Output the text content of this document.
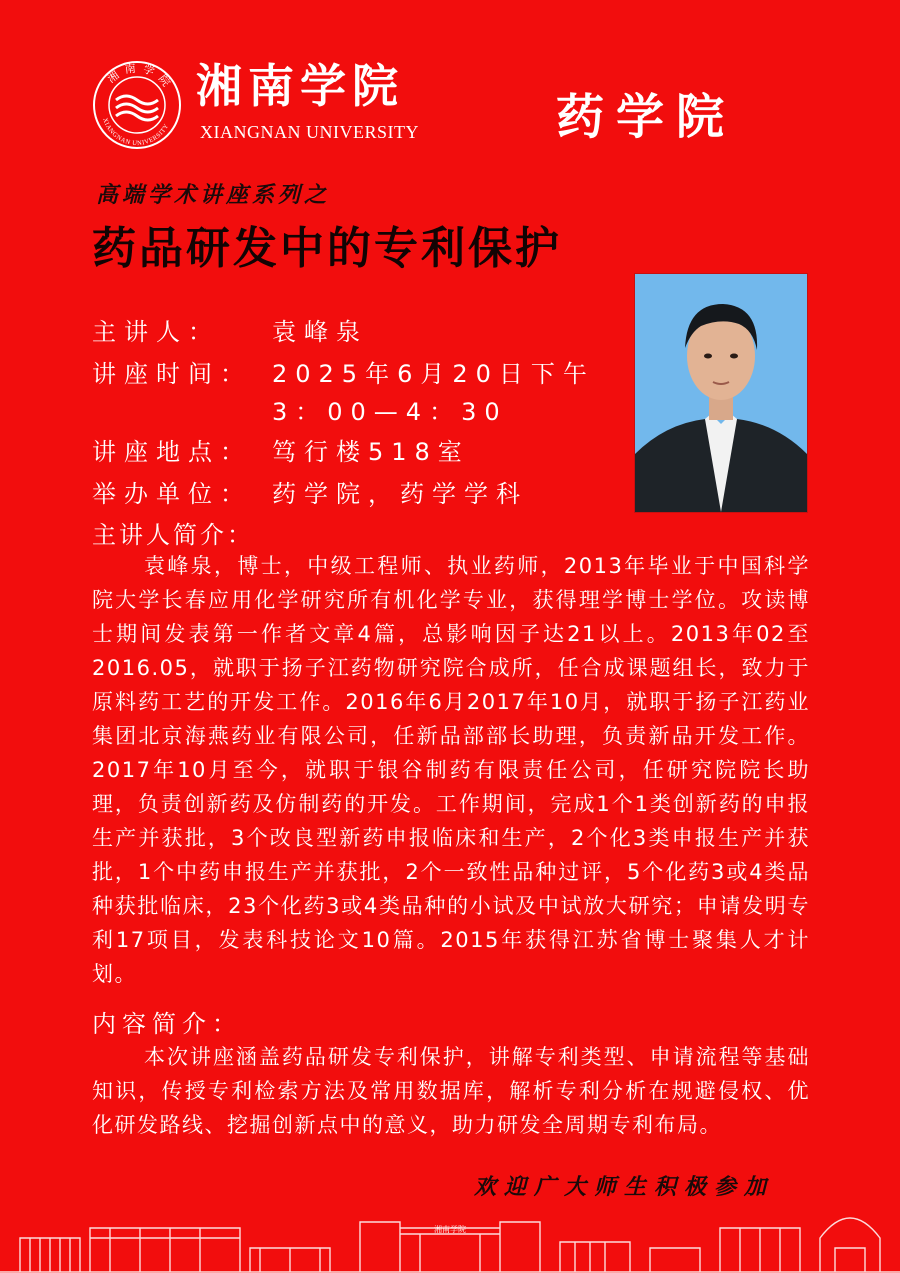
湘南学院
XIANGNAN UNIVERSITY
湘南学院
XIANGNAN UNIVERSITY	药学院
高端学术讲座系列之
药品研发中的专利保护
主讲人： 袁峰泉
讲座时间： 2025年6月20日下午
3：00—4：30
讲座地点： 笃行楼518室
举办单位： 药学院，药学学科
主讲人简介：
袁峰泉，博士，中级工程师、执业药师，2013年毕业于中国科学院大学长春应用化学研究所有机化学专业，获得理学博士学位。攻读博士期间发表第一作者文章4篇，总影响因子达21以上。2013年02至2016.05，就职于扬子江药物研究院合成所，任合成课题组长，致力于原料药工艺的开发工作。2016年6月2017年10月，就职于扬子江药业集团北京海燕药业有限公司，任新品部部长助理，负责新品开发工作。2017年10月至今，就职于银谷制药有限责任公司，任研究院院长助理，负责创新药及仿制药的开发。工作期间，完成1个1类创新药的申报生产并获批，3个改良型新药申报临床和生产，2个化3类申报生产并获批，1个中药申报生产并获批，2个一致性品种过评，5个化药3或4类品种获批临床，23个化药3或4类品种的小试及中试放大研究；申请发明专利17项目，发表科技论文10篇。2015年获得江苏省博士聚集人才计划。
内容简介：
本次讲座涵盖药品研发专利保护，讲解专利类型、申请流程等基础知识，传授专利检索方法及常用数据库，解析专利分析在规避侵权、优化研发路线、挖掘创新点中的意义，助力研发全周期专利布局。
欢迎广大师生积极参加
湘南学院
